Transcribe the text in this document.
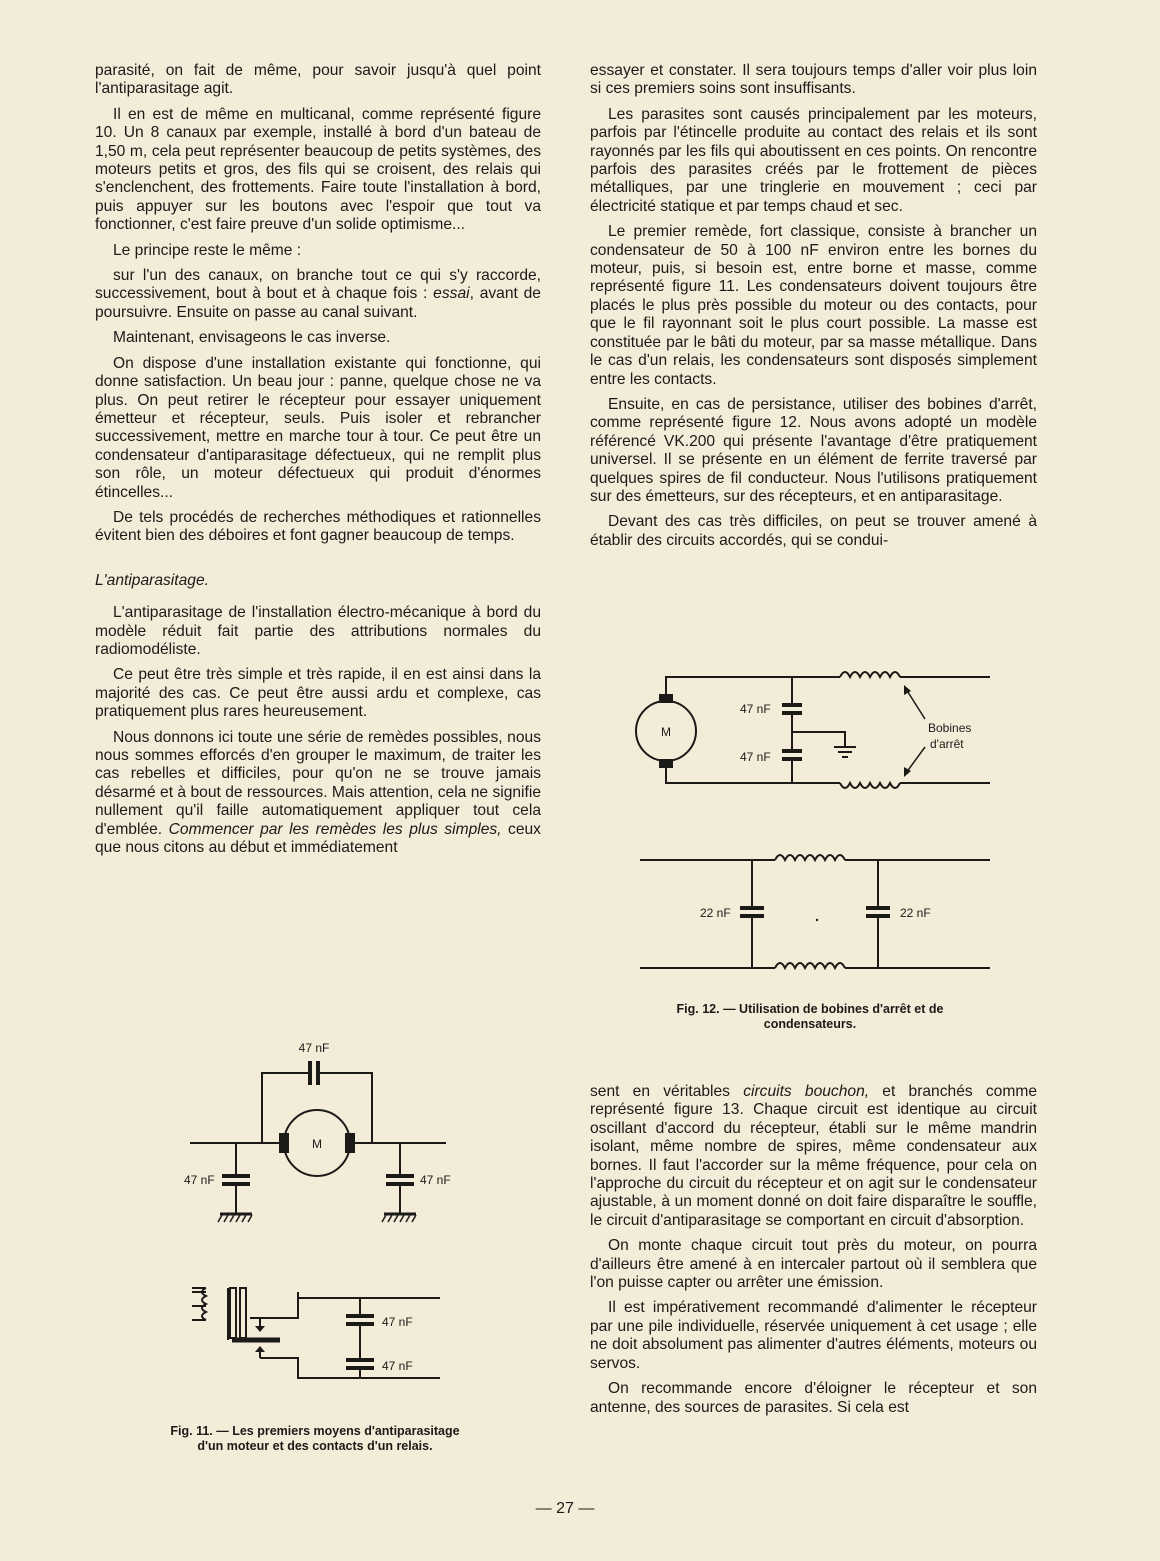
parasité, on fait de même, pour savoir jusqu'à quel point l'antiparasitage agit.

Il en est de même en multicanal, comme représenté figure 10. Un 8 canaux par exemple, installé à bord d'un bateau de 1,50 m, cela peut représenter beaucoup de petits systèmes, des moteurs petits et gros, des fils qui se croisent, des relais qui s'enclenchent, des frottements. Faire toute l'installation à bord, puis appuyer sur les boutons avec l'espoir que tout va fonctionner, c'est faire preuve d'un solide optimisme...

Le principe reste le même :

sur l'un des canaux, on branche tout ce qui s'y raccorde, successivement, bout à bout et à chaque fois : essai, avant de poursuivre. Ensuite on passe au canal suivant.

Maintenant, envisageons le cas inverse.

On dispose d'une installation existante qui fonctionne, qui donne satisfaction. Un beau jour : panne, quelque chose ne va plus. On peut retirer le récepteur pour essayer uniquement émetteur et récepteur, seuls. Puis isoler et rebrancher successivement, mettre en marche tour à tour. Ce peut être un condensateur d'antiparasitage défectueux, qui ne remplit plus son rôle, un moteur défectueux qui produit d'énormes étincelles...

De tels procédés de recherches méthodiques et rationnelles évitent bien des déboires et font gagner beaucoup de temps.

L'antiparasitage.

L'antiparasitage de l'installation électro-mécanique à bord du modèle réduit fait partie des attributions normales du radiomodéliste.

Ce peut être très simple et très rapide, il en est ainsi dans la majorité des cas. Ce peut être aussi ardu et complexe, cas pratiquement plus rares heureusement.

Nous donnons ici toute une série de remèdes possibles, nous nous sommes efforcés d'en grouper le maximum, de traiter les cas rebelles et difficiles, pour qu'on ne se trouve jamais désarmé et à bout de ressources. Mais attention, cela ne signifie nullement qu'il faille automatiquement appliquer tout cela d'emblée. Commencer par les remèdes les plus simples, ceux que nous citons au début et immédiatement

essayer et constater. Il sera toujours temps d'aller voir plus loin si ces premiers soins sont insuffisants.

Les parasites sont causés principalement par les moteurs, parfois par l'étincelle produite au contact des relais et ils sont rayonnés par les fils qui aboutissent en ces points. On rencontre parfois des parasites créés par le frottement de pièces métalliques, par une tringlerie en mouvement ; ceci par électricité statique et par temps chaud et sec.

Le premier remède, fort classique, consiste à brancher un condensateur de 50 à 100 nF environ entre les bornes du moteur, puis, si besoin est, entre borne et masse, comme représenté figure 11. Les condensateurs doivent toujours être placés le plus près possible du moteur ou des contacts, pour que le fil rayonnant soit le plus court possible. La masse est constituée par le bâti du moteur, par sa masse métallique. Dans le cas d'un relais, les condensateurs sont disposés simplement entre les contacts.

Ensuite, en cas de persistance, utiliser des bobines d'arrêt, comme représenté figure 12. Nous avons adopté un modèle référencé VK.200 qui présente l'avantage d'être pratiquement universel. Il se présente en un élément de ferrite traversé par quelques spires de fil conducteur. Nous l'utilisons pratiquement sur des émetteurs, sur des récepteurs, et en antiparasitage.

Devant des cas très difficiles, on peut se trouver amené à établir des circuits accordés, qui se condui-

M
47 nF
47 nF
Bobines
d'arrêt
22 nF	22 nF
Fig. 12. — Utilisation de bobines d'arrêt et de condensateurs.

sent en véritables circuits bouchon, et branchés comme représenté figure 13. Chaque circuit est identique au circuit oscillant d'accord du récepteur, établi sur le même mandrin isolant, même nombre de spires, même condensateur aux bornes. Il faut l'accorder sur la même fréquence, pour cela on l'approche du circuit du récepteur et on agit sur le condensateur ajustable, à un moment donné on doit faire disparaître le souffle, le circuit d'antiparasitage se comportant en circuit d'absorption.

On monte chaque circuit tout près du moteur, on pourra d'ailleurs être amené à en intercaler partout où il semblera que l'on puisse capter ou arrêter une émission.

Il est impérativement recommandé d'alimenter le récepteur par une pile individuelle, réservée uniquement à cet usage ; elle ne doit absolument pas alimenter d'autres éléments, moteurs ou servos.

On recommande encore d'éloigner le récepteur et son antenne, des sources de parasites. Si cela est

M
47 nF
47 nF	47 nF
47 nF
47 nF
Fig. 11. — Les premiers moyens d'antiparasitage d'un moteur et des contacts d'un relais.
— 27 —
